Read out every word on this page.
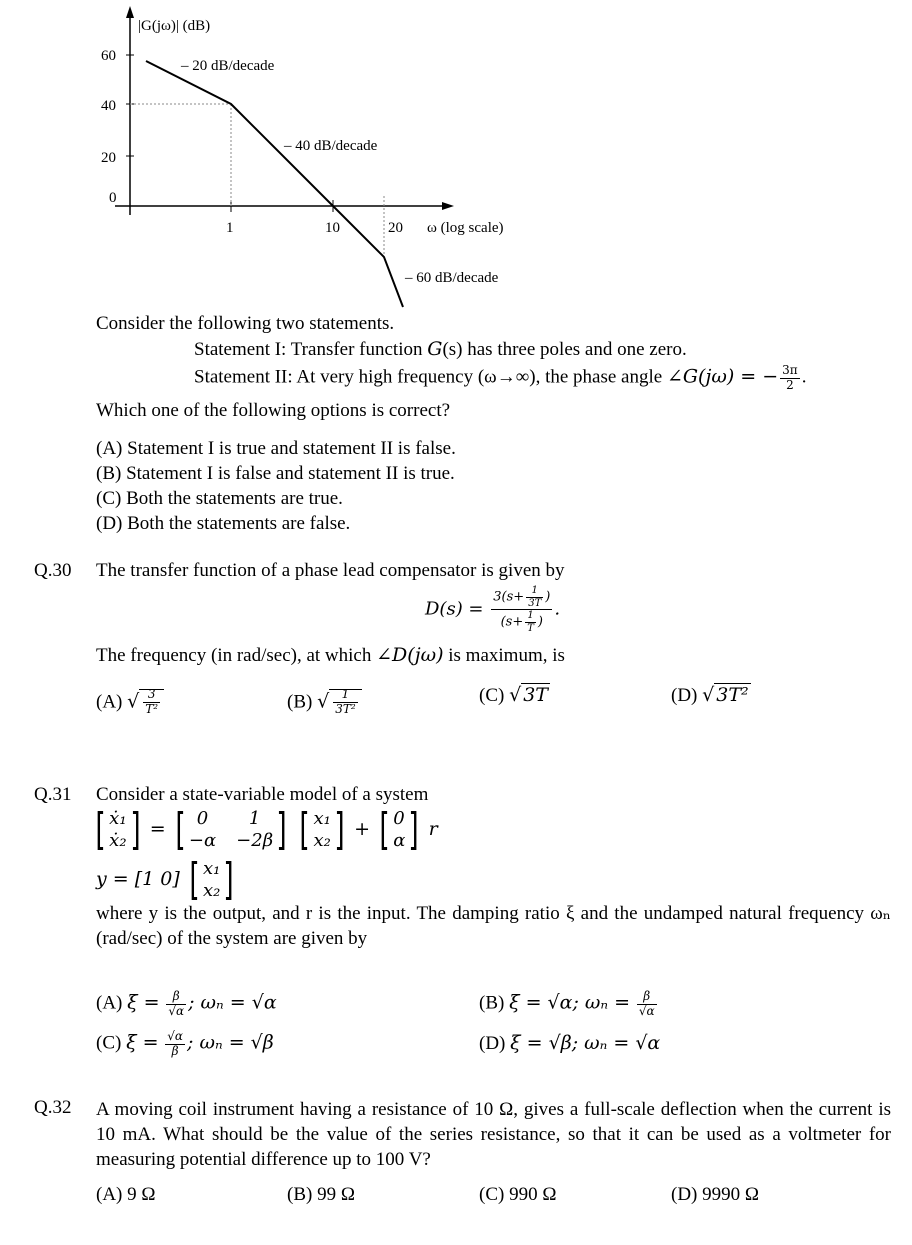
|G(jω)| (dB)
60
40
20
0
1	10	20 ω (log scale)
– 20 dB/decade
– 40 dB/decade
– 60 dB/decade
Consider the following two statements.
Statement I: Transfer function G(s) has three poles and one zero.
Statement II: At very high frequency (ω→∞), the phase angle ∠G(jω) = − $\frac{3\pi}{2}$ .
Which one of the following options is correct?
(A) Statement I is true and statement II is false.
(B) Statement I is false and statement II is true.
(C) Both the statements are true.
(D) Both the statements are false.
Q.30 The transfer function of a phase lead compensator is given by
$D(s) = \frac{3(s+ \frac{1}{3T} )}{(s+ \frac{1}{T} )}$ .
The frequency (in rad/sec), at which ∠D(jω) is maximum, is
(A) √ $\frac{3}{\text{T²}}$	(B) √ $\frac{1}{\text{3T²}}$	(C) √ 3T	(D) √ 3T²
Q.31 Consider a state-variable model of a system
[ ẋ₁
ẋ₂ ] = [ 0	1
−α −2β ]
[ x₁
x₂ ] + [ 0
α ] r
y = [1 0] [ x₁
x₂ ]
where y is the output, and r is the input. The damping ratio ξ and the undamped natural frequency ωₙ (rad/sec) of the system are given by
(A) $\xi = \frac{\beta}{√\alpha}$ ; ωₙ = √α	(B) ξ = √α; $\omega_n = \frac{\beta}{√\alpha}$
(C) $\xi = \frac{√\alpha}{\beta}$ ; ωₙ = √β	(D) ξ = √β; ωₙ = √α
Q.32 A moving coil instrument having a resistance of 10 Ω, gives a full-scale deflection when the current is 10 mA. What should be the value of the series resistance, so that it can be used as a voltmeter for measuring potential difference up to 100 V?
(A) 9 Ω	(B) 99 Ω	(C) 990 Ω	(D) 9990 Ω
